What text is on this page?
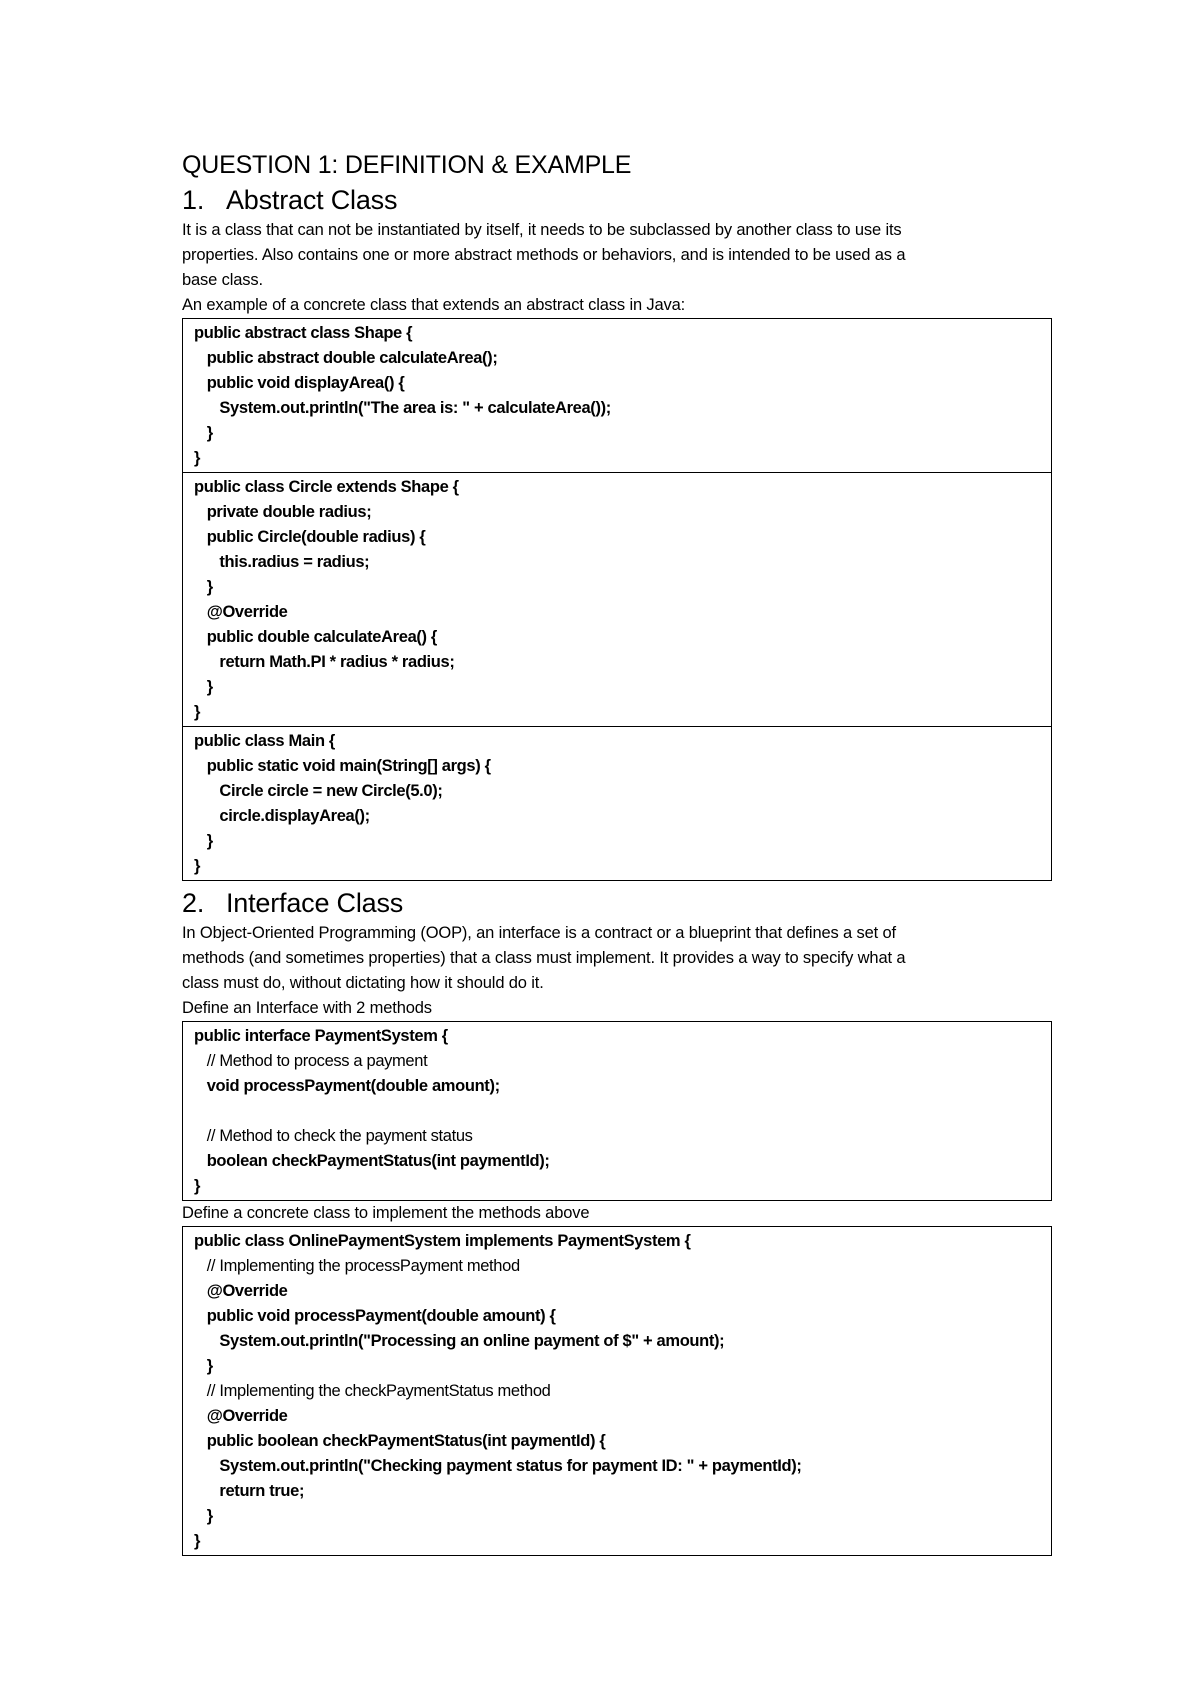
QUESTION 1: DEFINITION & EXAMPLE
1. Abstract Class

It is a class that can not be instantiated by itself, it needs to be subclassed by another class to use its

properties. Also contains one or more abstract methods or behaviors, and is intended to be used as a

base class.

An example of a concrete class that extends an abstract class in Java:

public abstract class Shape {
public abstract double calculateArea();
public void displayArea() {
System.out.println("The area is: " + calculateArea());
}
}
public class Circle extends Shape {
private double radius;
public Circle(double radius) {
this.radius = radius;
}
@Override
public double calculateArea() {
return Math.PI * radius * radius;
}
}
public class Main {
public static void main(String[] args) {
Circle circle = new Circle(5.0);
circle.displayArea();
}
}
2. Interface Class

In Object-Oriented Programming (OOP), an interface is a contract or a blueprint that defines a set of

methods (and sometimes properties) that a class must implement. It provides a way to specify what a

class must do, without dictating how it should do it.

Define an Interface with 2 methods

public interface PaymentSystem {
// Method to process a payment
void processPayment(double amount);
// Method to check the payment status
boolean checkPaymentStatus(int paymentId);
}

Define a concrete class to implement the methods above

public class OnlinePaymentSystem implements PaymentSystem {
// Implementing the processPayment method
@Override
public void processPayment(double amount) {
System.out.println("Processing an online payment of $" + amount);
}
// Implementing the checkPaymentStatus method
@Override
public boolean checkPaymentStatus(int paymentId) {
System.out.println("Checking payment status for payment ID: " + paymentId);
return true;
}
}
